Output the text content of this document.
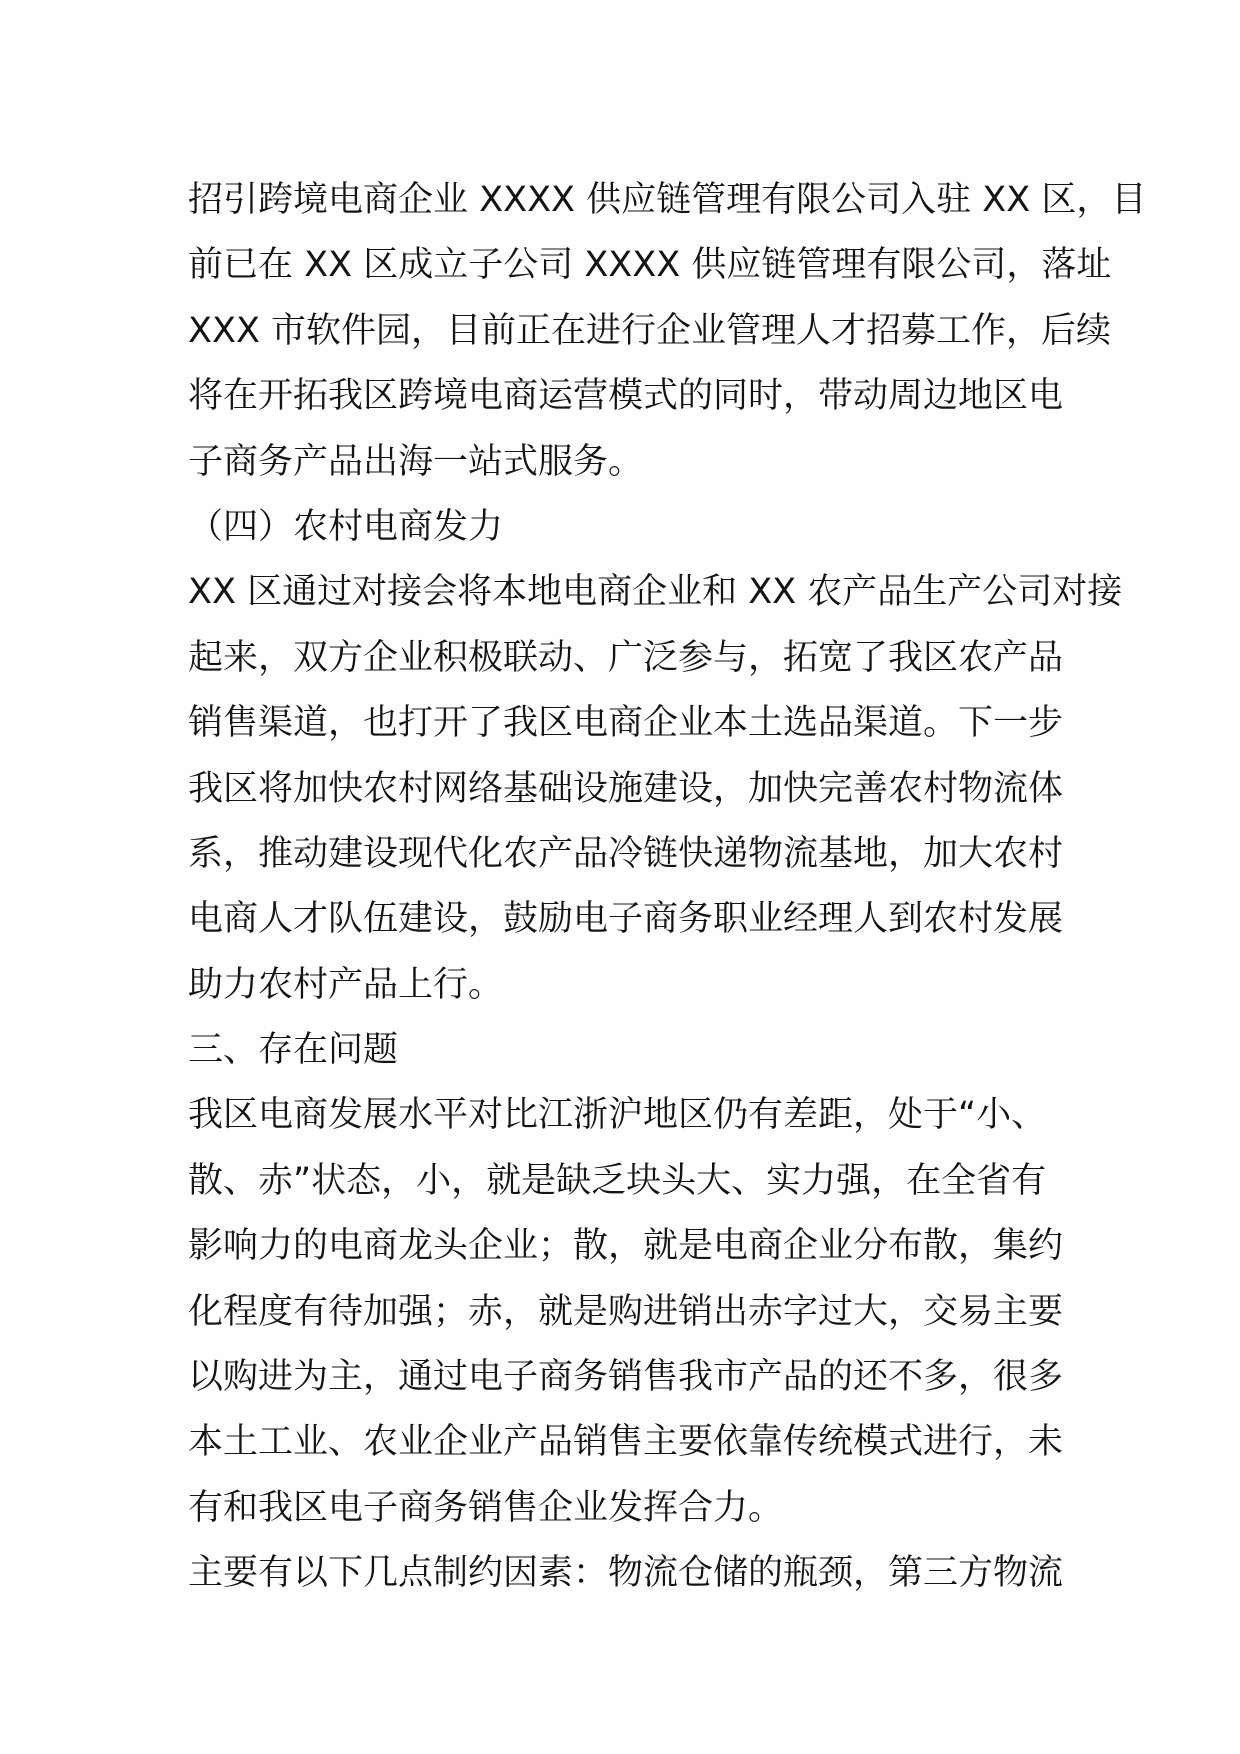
招引跨境电商企业 XXXX 供应链管理有限公司入驻 XX 区，目
前已在 XX 区成立子公司 XXXX 供应链管理有限公司，落址
XXX 市软件园，目前正在进行企业管理人才招募工作，后续
将在开拓我区跨境电商运营模式的同时，带动周边地区电
子商务产品出海一站式服务。
（四）农村电商发力
XX 区通过对接会将本地电商企业和 XX 农产品生产公司对接
起来，双方企业积极联动、广泛参与，拓宽了我区农产品
销售渠道，也打开了我区电商企业本土选品渠道。下一步
我区将加快农村网络基础设施建设，加快完善农村物流体
系，推动建设现代化农产品冷链快递物流基地，加大农村
电商人才队伍建设，鼓励电子商务职业经理人到农村发展
助力农村产品上行。
三、存在问题
我区电商发展水平对比江浙沪地区仍有差距，处于“小、
散、赤”状态，小，就是缺乏块头大、实力强，在全省有
影响力的电商龙头企业；散，就是电商企业分布散，集约
化程度有待加强；赤，就是购进销出赤字过大，交易主要
以购进为主，通过电子商务销售我市产品的还不多，很多
本土工业、农业企业产品销售主要依靠传统模式进行，未
有和我区电子商务销售企业发挥合力。
主要有以下几点制约因素：物流仓储的瓶颈，第三方物流
